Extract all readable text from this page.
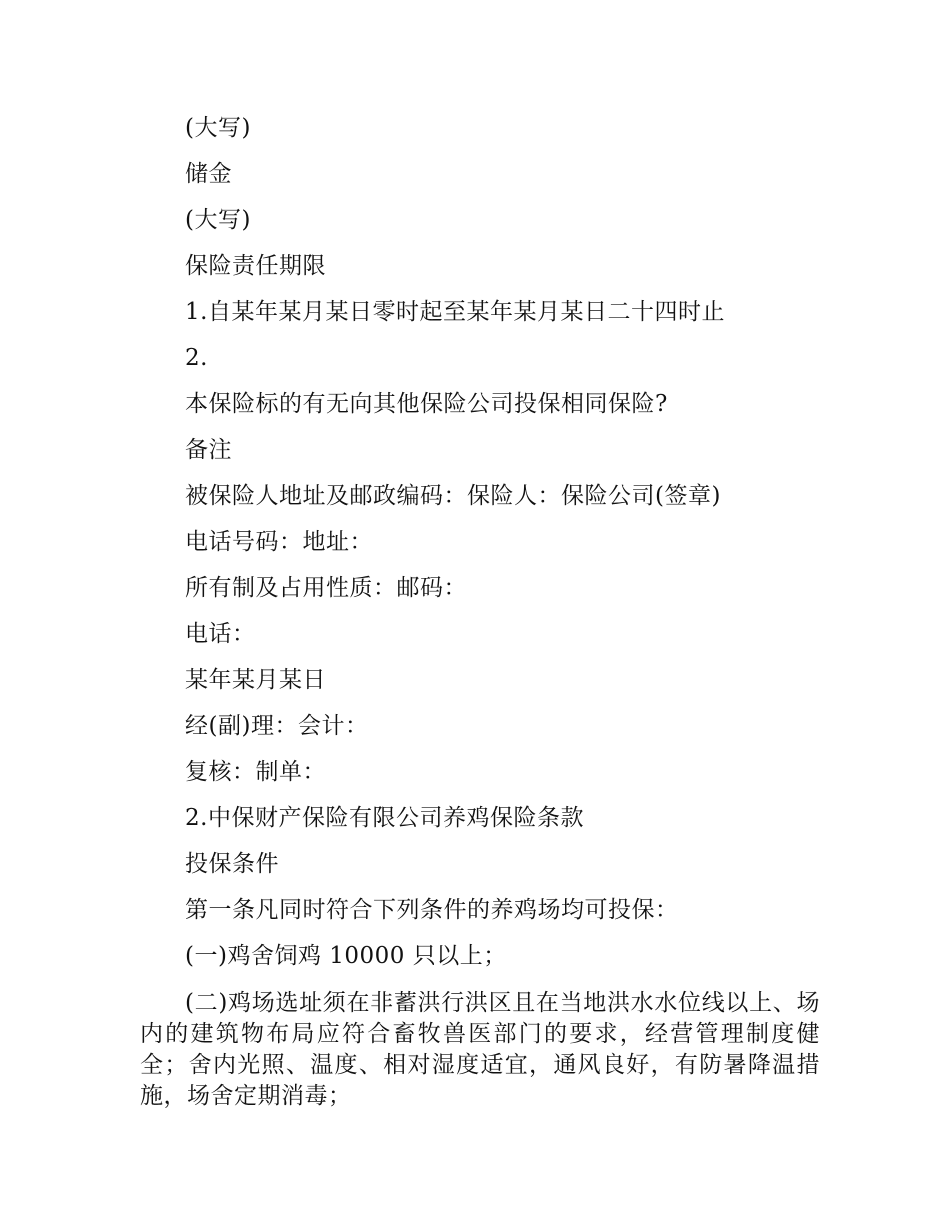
(大写)
储金
(大写)
保险责任期限
1.自某年某月某日零时起至某年某月某日二十四时止
2.
本保险标的有无向其他保险公司投保相同保险?
备注
被保险人地址及邮政编码：保险人：保险公司(签章)
电话号码：地址：
所有制及占用性质：邮码：
电话：
某年某月某日
经(副)理：会计：
复核：制单：
2.中保财产保险有限公司养鸡保险条款
投保条件
第一条凡同时符合下列条件的养鸡场均可投保：
(一)鸡舍饲鸡 10000 只以上；
(二)鸡场选址须在非蓄洪行洪区且在当地洪水水位线以上、场内的建筑物布局应符合畜牧兽医部门的要求，经营管理制度健全；舍内光照、温度、相对湿度适宜，通风良好，有防暑降温措施，场舍定期消毒；
